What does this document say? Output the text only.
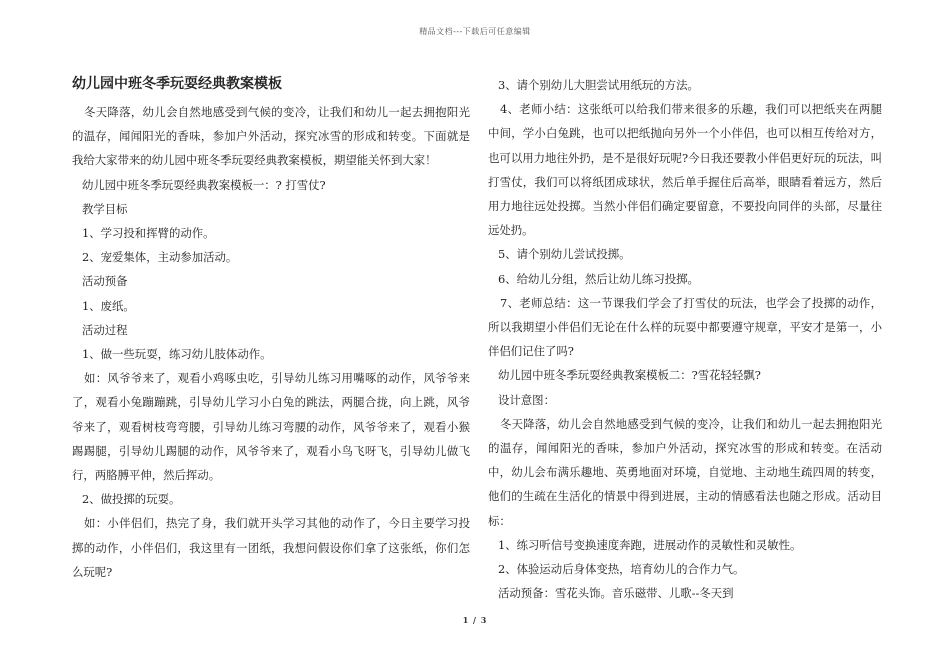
精品文档---下载后可任意编辑
幼儿园中班冬季玩耍经典教案模板

冬天降落，幼儿会自然地感受到气候的变冷，让我们和幼儿一起去拥抱阳光的温存，闻闻阳光的香味，参加户外活动，探究冰雪的形成和转变。下面就是我给大家带来的幼儿园中班冬季玩耍经典教案模板，期望能关怀到大家！

幼儿园中班冬季玩耍经典教案模板一：? 打雪仗?

教学目标

1、学习投和挥臂的动作。

2、宠爱集体，主动参加活动。

活动预备

1、废纸。

活动过程

1、做一些玩耍，练习幼儿肢体动作。

如：风爷爷来了，观看小鸡啄虫吃，引导幼儿练习用嘴啄的动作，风爷爷来了，观看小兔蹦蹦跳，引导幼儿学习小白兔的跳法，两腿合拢，向上跳，风爷爷来了，观看树枝弯弯腰，引导幼儿练习弯腰的动作，风爷爷来了，观看小猴踢踢腿，引导幼儿踢腿的动作，风爷爷来了，观看小鸟飞呀飞，引导幼儿做飞行，两胳膊平伸，然后挥动。

2、做投掷的玩耍。

如：小伴侣们，热完了身，我们就开头学习其他的动作了，今日主要学习投掷的动作，小伴侣们，我这里有一团纸，我想问假设你们拿了这张纸，你们怎么玩呢?

3、请个别幼儿大胆尝试用纸玩的方法。

4、老师小结：这张纸可以给我们带来很多的乐趣，我们可以把纸夹在两腿中间，学小白兔跳，也可以把纸抛向另外一个小伴侣，也可以相互传给对方，也可以用力地往外扔，是不是很好玩呢?今日我还要教小伴侣更好玩的玩法，叫打雪仗，我们可以将纸团成球状，然后单手握住后高举，眼睛看着远方，然后用力地往远处投掷。当然小伴侣们确定要留意，不要投向同伴的头部，尽量往远处扔。

5、请个别幼儿尝试投掷。

6、给幼儿分组，然后让幼儿练习投掷。

7、老师总结：这一节课我们学会了打雪仗的玩法，也学会了投掷的动作，所以我期望小伴侣们无论在什么样的玩耍中都要遵守规章，平安才是第一，小伴侣们记住了吗?

幼儿园中班冬季玩耍经典教案模板二：?雪花轻轻飘?

设计意图：

冬天降落，幼儿会自然地感受到气候的变冷，让我们和幼儿一起去拥抱阳光的温存，闻闻阳光的香味，参加户外活动，探究冰雪的形成和转变。在活动中，幼儿会布满乐趣地、英勇地面对环境，自觉地、主动地生疏四周的转变，他们的生疏在生活化的情景中得到进展，主动的情感看法也随之形成。活动目标：

1、练习听信号变换速度奔跑，进展动作的灵敏性和灵敏性。

2、体验运动后身体变热，培育幼儿的合作力气。

活动预备：雪花头饰。音乐磁带、儿歌--冬天到

1 / 3
